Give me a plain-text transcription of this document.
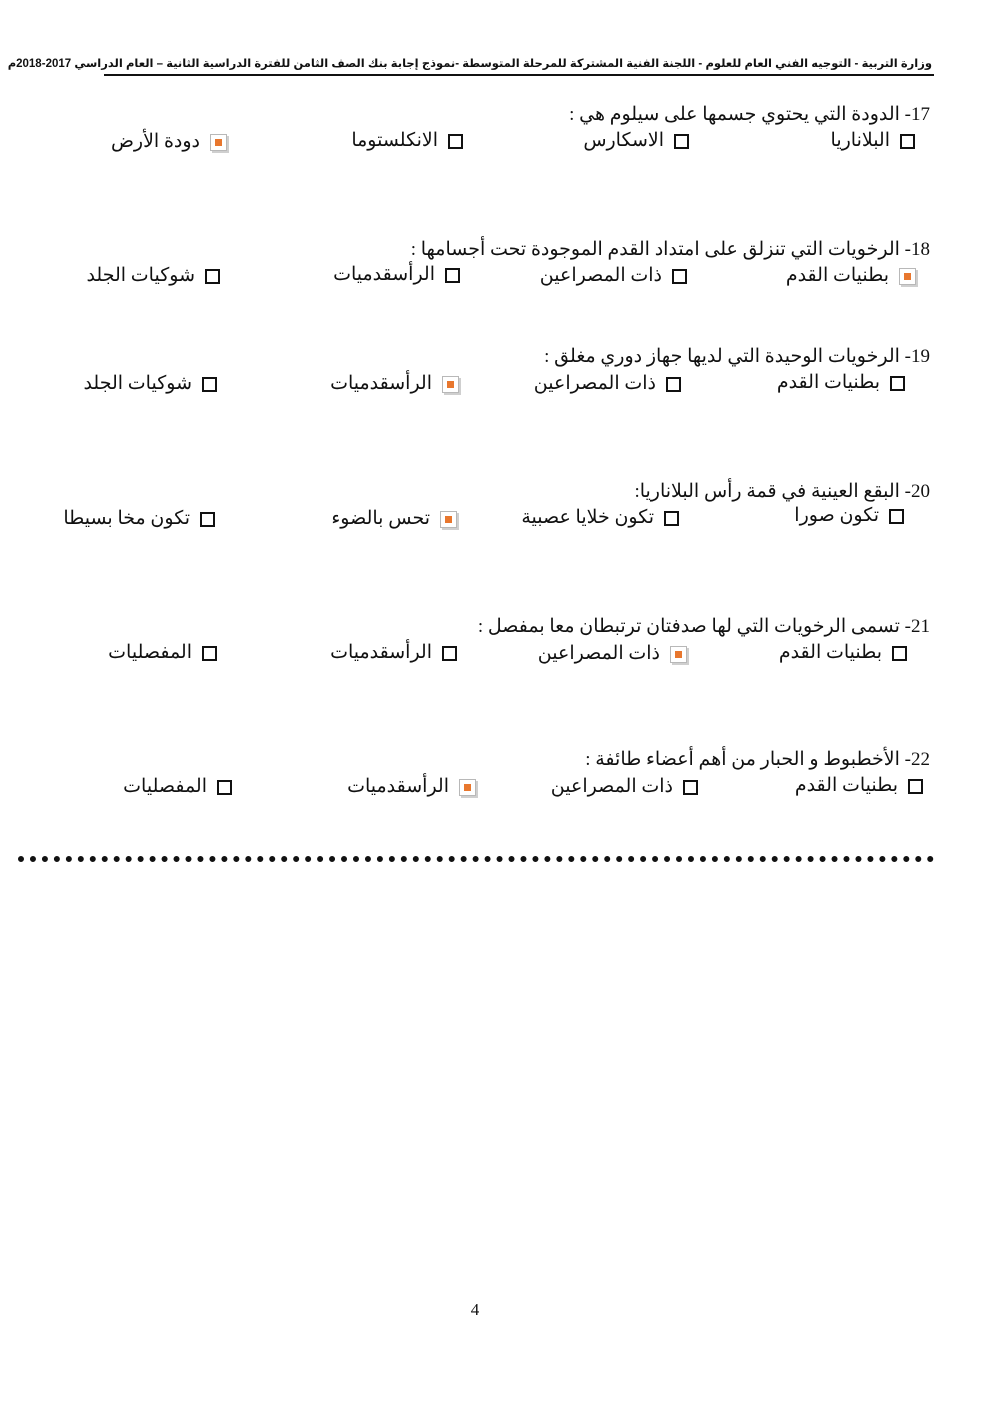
وزارة التربية - التوجيه الفني العام للعلوم - اللجنة الفنية المشتركة للمرحلة المتوسطة -نموذج إجابة بنك الصف الثامن للفترة الدراسية الثانية – العام الدراسي 2017-2018م
17- الدودة التي يحتوي جسمها على سيلوم هي :
البلاناريا
الاسكارس
الانكلستوما
دودة الأرض
18- الرخويات التي تنزلق على امتداد القدم الموجودة تحت أجسامها :
بطنيات القدم
ذات المصراعين
الرأسقدميات
شوكيات الجلد
19- الرخويات الوحيدة التي لديها جهاز دوري مغلق :
بطنيات القدم
ذات المصراعين
الرأسقدميات
شوكيات الجلد
20- البقع العينية في قمة رأس البلاناريا:
تكون صورا
تكون خلايا عصبية
تحس بالضوء
تكون مخا بسيطا
21- تسمى الرخويات التي لها صدفتان ترتبطان معا بمفصل :
بطنيات القدم
ذات المصراعين
الرأسقدميات
المفصليات
22- الأخطبوط و الحبار من أهم أعضاء طائفة :
بطنيات القدم
ذات المصراعين
الرأسقدميات
المفصليات
4
